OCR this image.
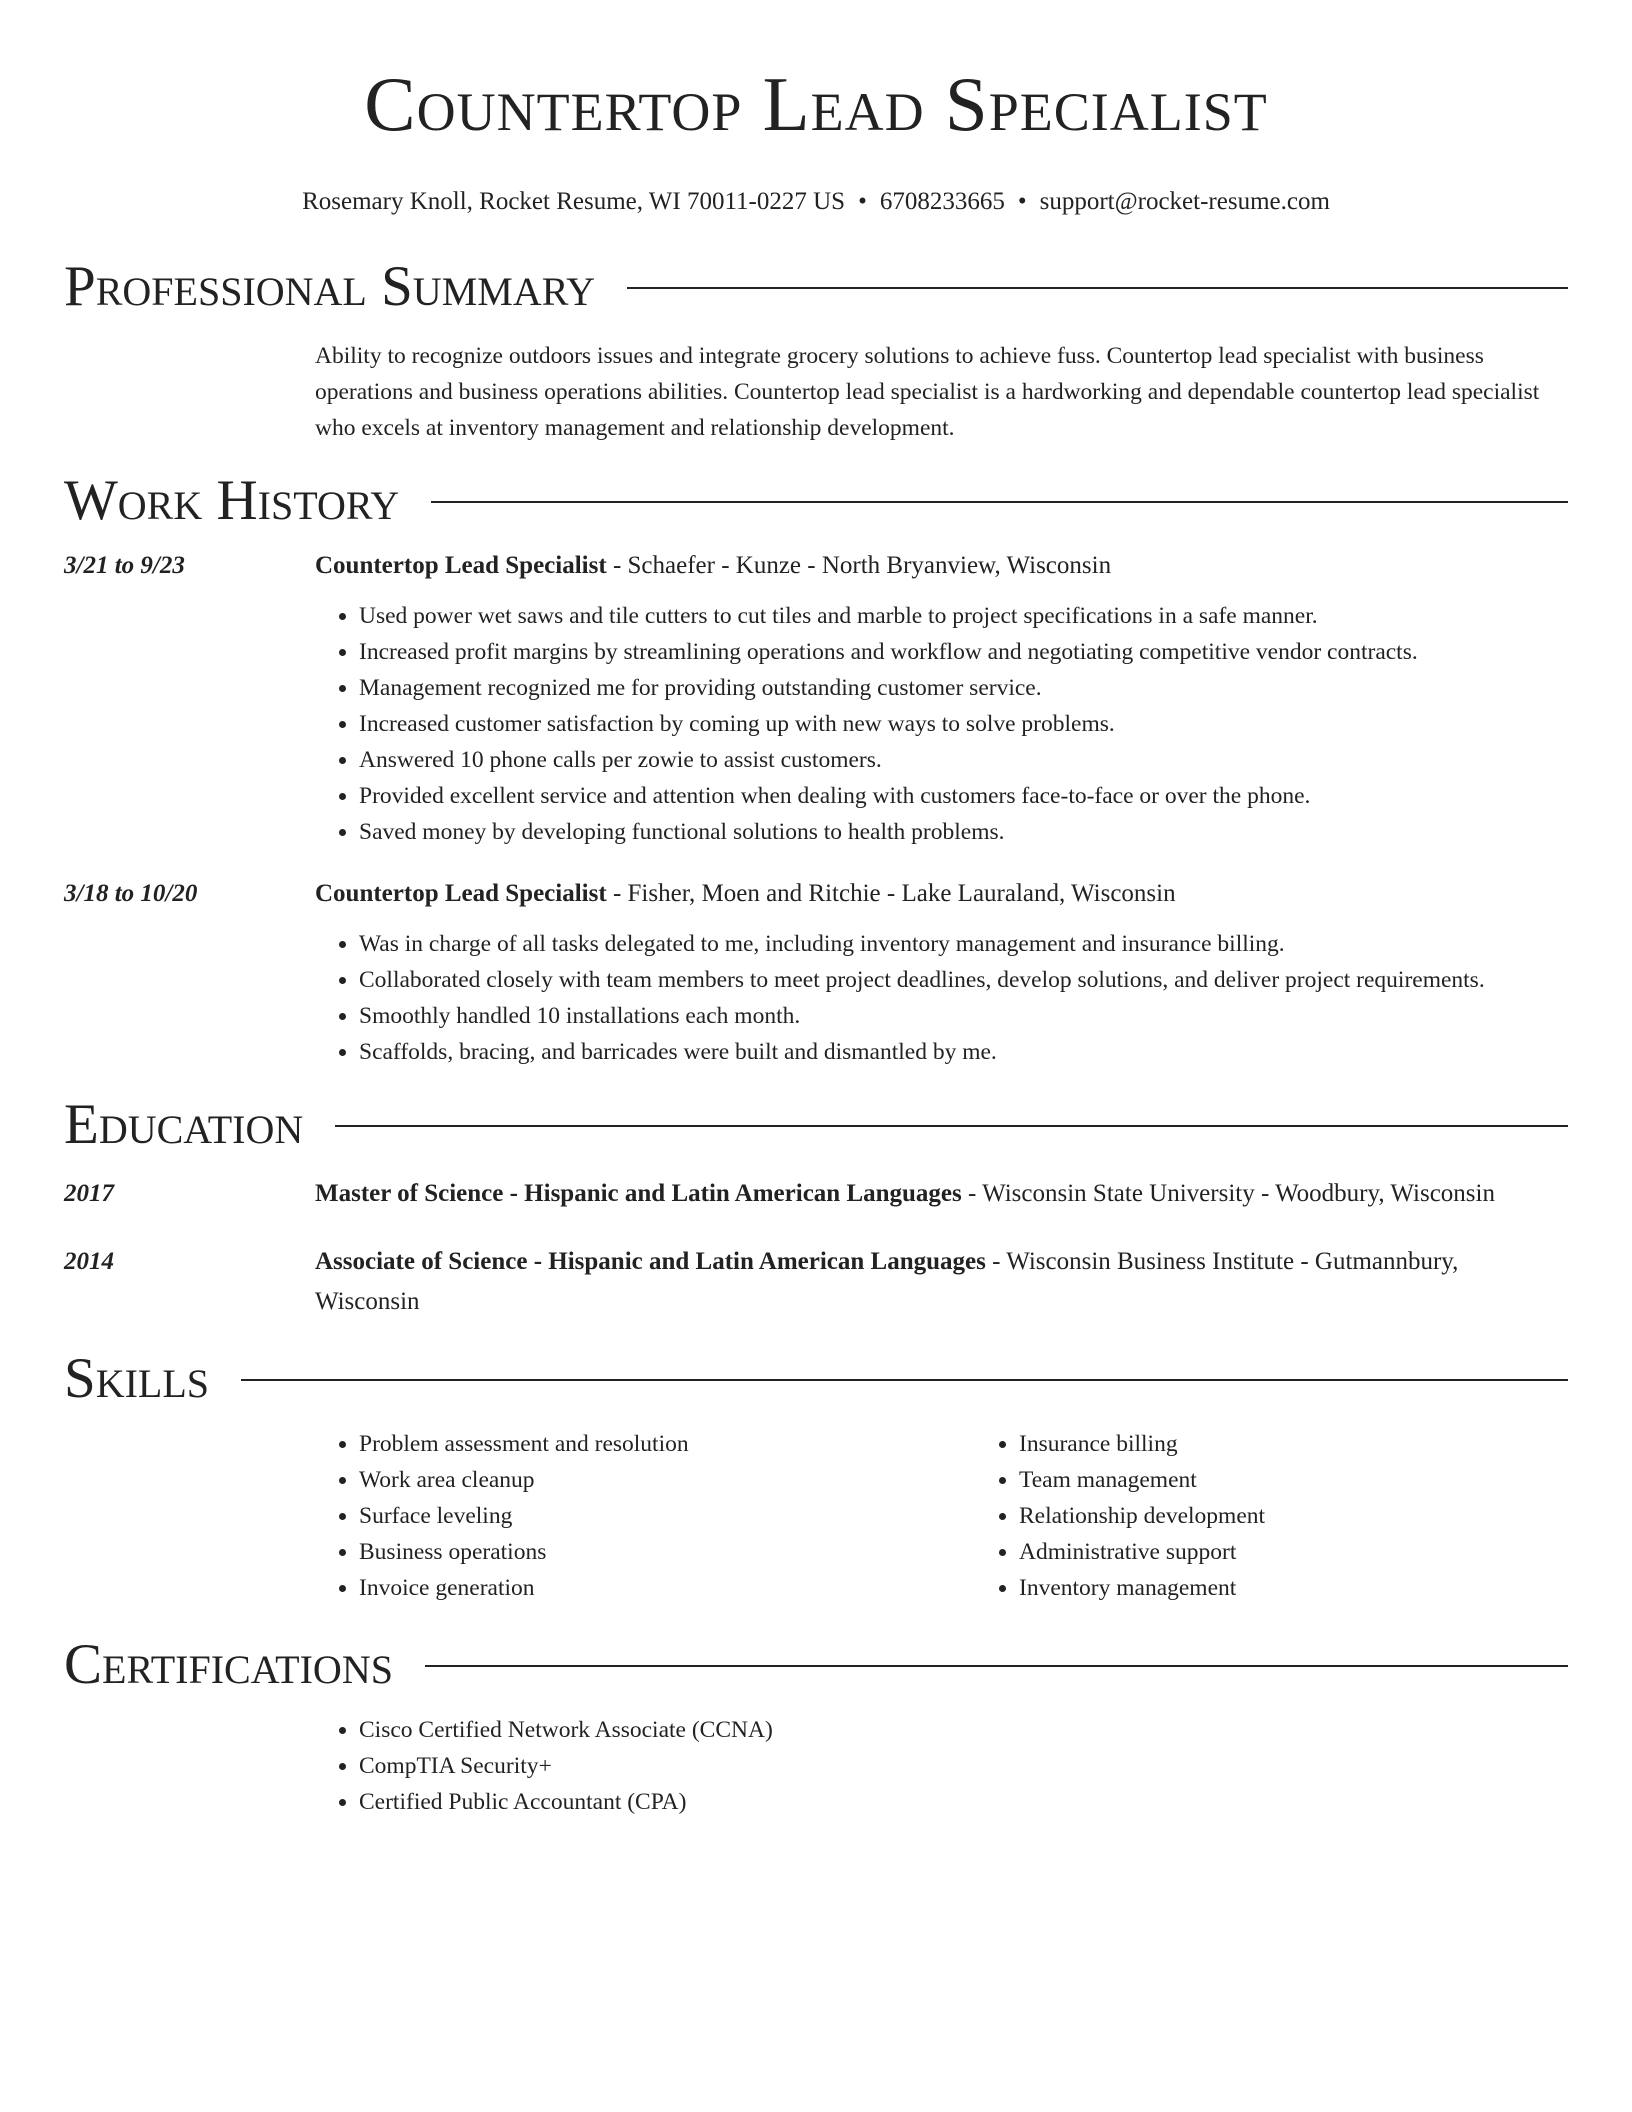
Countertop Lead Specialist
Rosemary Knoll, Rocket Resume, WI 70011-0227 US • 6708233665 • support@rocket-resume.com
Professional Summary
Ability to recognize outdoors issues and integrate grocery solutions to achieve fuss. Countertop lead specialist with business operations and business operations abilities. Countertop lead specialist is a hardworking and dependable countertop lead specialist who excels at inventory management and relationship development.
Work History
3/21 to 9/23	Countertop Lead Specialist - Schaefer - Kunze - North Bryanview, Wisconsin
• Used power wet saws and tile cutters to cut tiles and marble to project specifications in a safe manner.
• Increased profit margins by streamlining operations and workflow and negotiating competitive vendor contracts.
• Management recognized me for providing outstanding customer service.
• Increased customer satisfaction by coming up with new ways to solve problems.
• Answered 10 phone calls per zowie to assist customers.
• Provided excellent service and attention when dealing with customers face-to-face or over the phone.
• Saved money by developing functional solutions to health problems.
3/18 to 10/20	Countertop Lead Specialist - Fisher, Moen and Ritchie - Lake Lauraland, Wisconsin
• Was in charge of all tasks delegated to me, including inventory management and insurance billing.
• Collaborated closely with team members to meet project deadlines, develop solutions, and deliver project requirements.
• Smoothly handled 10 installations each month.
• Scaffolds, bracing, and barricades were built and dismantled by me.
Education
2017	Master of Science - Hispanic and Latin American Languages - Wisconsin State University - Woodbury, Wisconsin
2014	Associate of Science - Hispanic and Latin American Languages - Wisconsin Business Institute - Gutmannbury, Wisconsin
Skills
• Problem assessment and resolution
• Work area cleanup
• Surface leveling
• Business operations
• Invoice generation
• Insurance billing
• Team management
• Relationship development
• Administrative support
• Inventory management
Certifications
• Cisco Certified Network Associate (CCNA)
• CompTIA Security+
• Certified Public Accountant (CPA)
